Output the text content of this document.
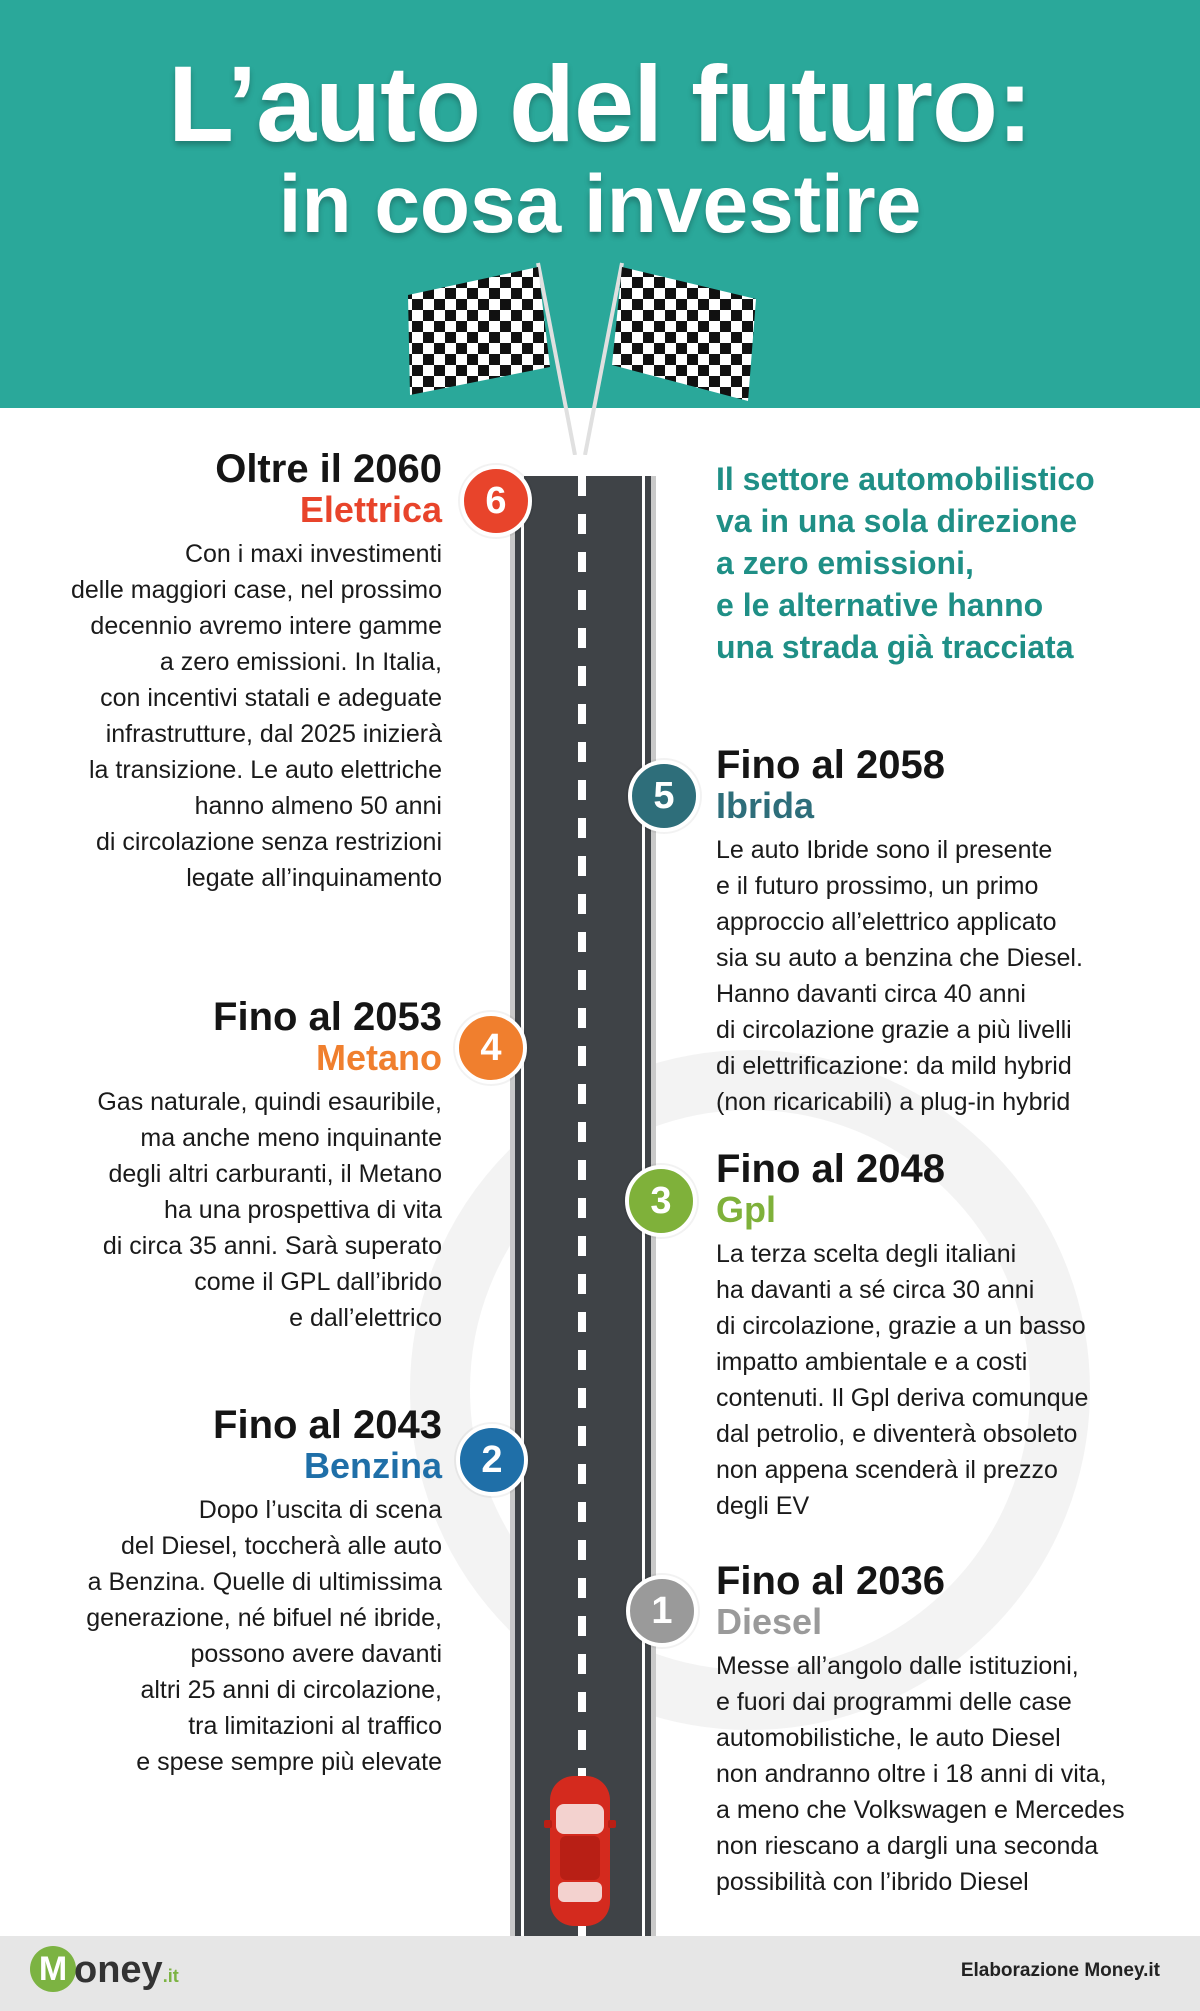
L’auto del futuro:
in cosa investire
Il settore automobilistico
va in una sola direzione
a zero emissioni,
e le alternative hanno
una strada già tracciata
6
Oltre il 2060
Elettrica
Con i maxi investimenti
delle maggiori case, nel prossimo
decennio avremo intere gamme
a zero emissioni. In Italia,
con incentivi statali e adeguate
infrastrutture, dal 2025 inizierà
la transizione. Le auto elettriche
hanno almeno 50 anni
di circolazione senza restrizioni
legate all’inquinamento
5
Fino al 2058
Ibrida
Le auto Ibride sono il presente
e il futuro prossimo, un primo
approccio all’elettrico applicato
sia su auto a benzina che Diesel.
Hanno davanti circa 40 anni
di circolazione grazie a più livelli
di elettrificazione: da mild hybrid
(non ricaricabili) a plug-in hybrid
4
Fino al 2053
Metano
Gas naturale, quindi esauribile,
ma anche meno inquinante
degli altri carburanti, il Metano
ha una prospettiva di vita
di circa 35 anni. Sarà superato
come il GPL dall’ibrido
e dall’elettrico
3
Fino al 2048
Gpl
La terza scelta degli italiani
ha davanti a sé circa 30 anni
di circolazione, grazie a un basso
impatto ambientale e a costi
contenuti. Il Gpl deriva comunque
dal petrolio, e diventerà obsoleto
non appena scenderà il prezzo
degli EV
2
Fino al 2043
Benzina
Dopo l’uscita di scena
del Diesel, toccherà alle auto
a Benzina. Quelle di ultimissima
generazione, né bifuel né ibride,
possono avere davanti
altri 25 anni di circolazione,
tra limitazioni al traffico
e spese sempre più elevate
1
Fino al 2036
Diesel
Messe all’angolo dalle istituzioni,
e fuori dai programmi delle case
automobilistiche, le auto Diesel
non andranno oltre i 18 anni di vita,
a meno che Volkswagen e Mercedes
non riescano a dargli una seconda
possibilità con l’ibrido Diesel
M oney.it	Elaborazione Money.it
